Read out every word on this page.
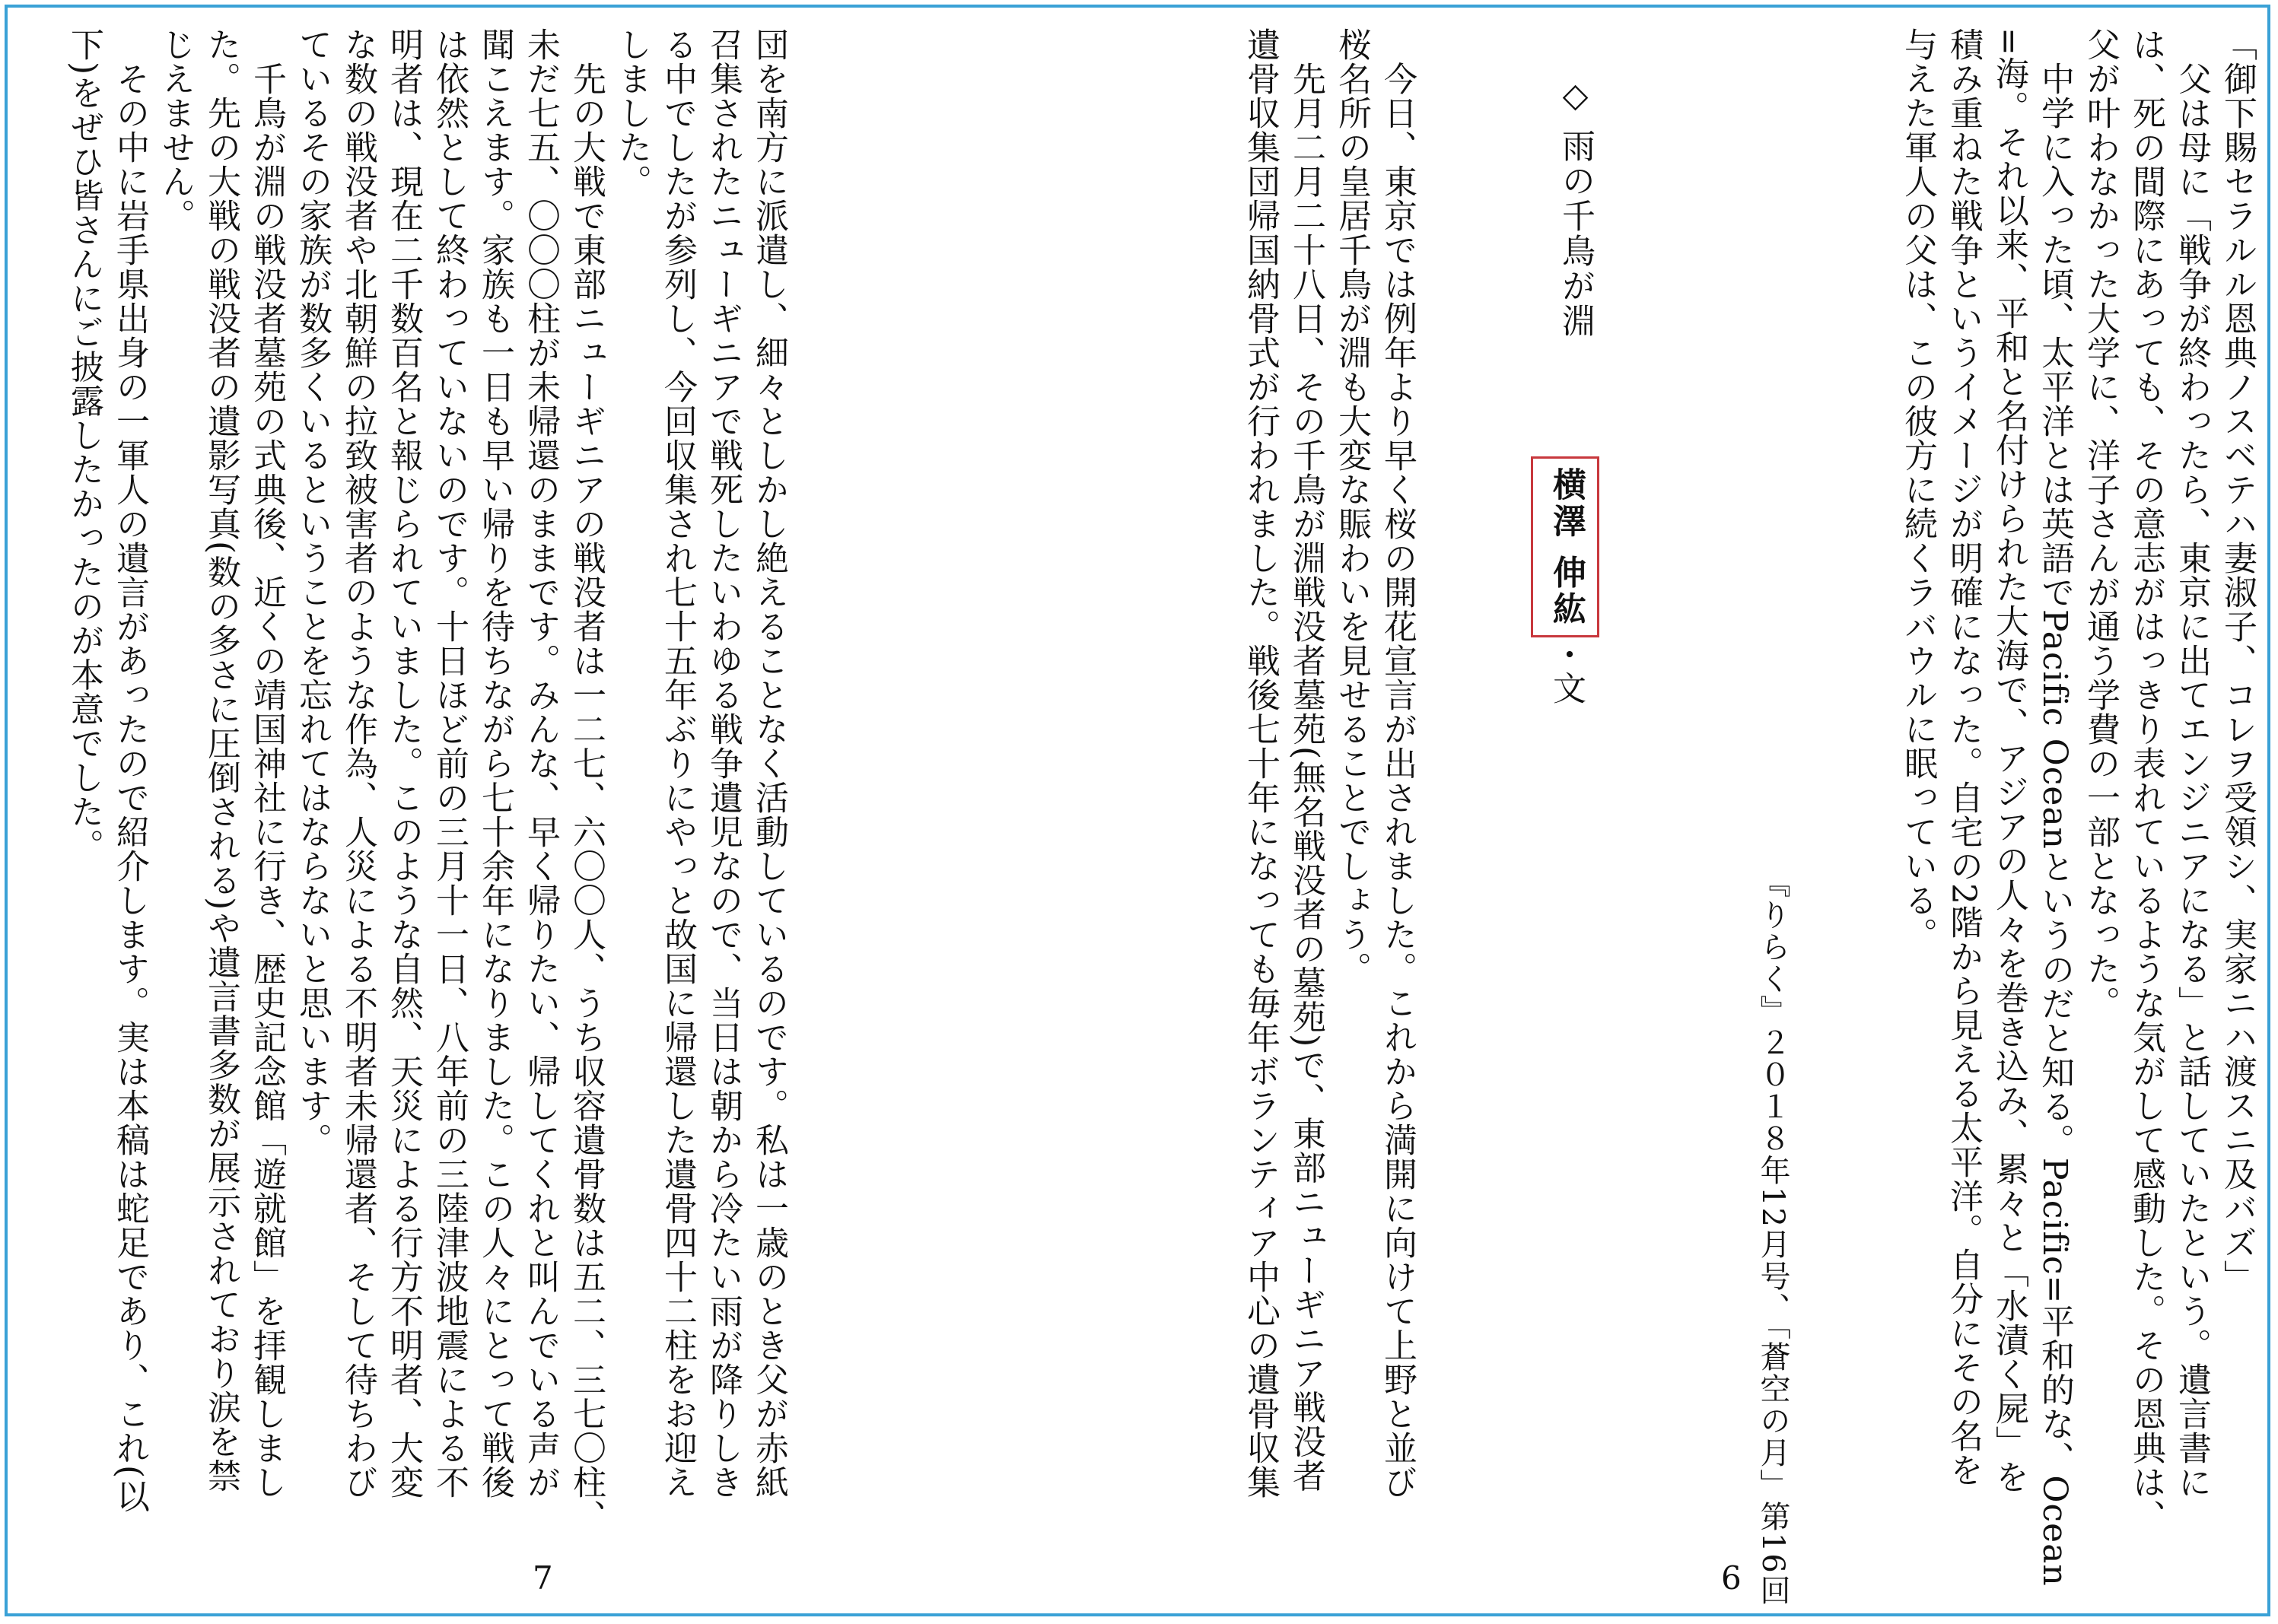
「御下賜セラルル恩典ノスベテハ妻淑子、コレヲ受領シ、実家ニハ渡スニ及バズ」
　父は母に「戦争が終わったら、東京に出てエンジニアになる」と話していたという。遺言書に
は、死の間際にあっても、その意志がはっきり表れているような気がして感動した。その恩典は、
父が叶わなかった大学に、洋子さんが通う学費の一部となった。
　中学に入った頃、太平洋とは英語でPacific Oceanというのだと知る。Pacific=平和的な、Ocean
=海。それ以来、平和と名付けられた大海で、アジアの人々を巻き込み、累々と「水漬く屍」を
積み重ねた戦争というイメージが明確になった。自宅の2階から見える太平洋。自分にその名を
与えた軍人の父は、この彼方に続くラバウルに眠っている。
『りらく』２０１８年12月号、「蒼空の月」第16回
◇ 雨の千鳥が淵
横澤 伸紘
・文
　今日、東京では例年より早く桜の開花宣言が出されました。これから満開に向けて上野と並び
桜名所の皇居千鳥が淵も大変な賑わいを見せることでしょう。
　先月二月二十八日、その千鳥が淵戦没者墓苑(無名戦没者の墓苑)で、東部ニューギニア戦没者
遺骨収集団帰国納骨式が行われました。戦後七十年になっても毎年ボランティア中心の遺骨収集
6
団を南方に派遣し、細々としかし絶えることなく活動しているのです。私は一歳のとき父が赤紙
召集されたニューギニアで戦死したいわゆる戦争遺児なので、当日は朝から冷たい雨が降りしき
る中でしたが参列し、今回収集され七十五年ぶりにやっと故国に帰還した遺骨四十二柱をお迎え
しました。
　先の大戦で東部ニューギニアの戦没者は一二七、六〇〇人、うち収容遺骨数は五二、三七〇柱、
未だ七五、〇〇〇柱が未帰還のままです。みんな、早く帰りたい、帰してくれと叫んでいる声が
聞こえます。家族も一日も早い帰りを待ちながら七十余年になりました。この人々にとって戦後
は依然として終わっていないのです。十日ほど前の三月十一日、八年前の三陸津波地震による不
明者は、現在二千数百名と報じられていました。このような自然、天災による行方不明者、大変
な数の戦没者や北朝鮮の拉致被害者のような作為、人災による不明者未帰還者、そして待ちわび
ているその家族が数多くいるということを忘れてはならないと思います。
　千鳥が淵の戦没者墓苑の式典後、近くの靖国神社に行き、歴史記念館「遊就館」を拝観しまし
た。先の大戦の戦没者の遺影写真(数の多さに圧倒される)や遺言書多数が展示されており涙を禁
じえません。
　その中に岩手県出身の一軍人の遺言があったので紹介します。実は本稿は蛇足であり、これ(以
下)をぜひ皆さんにご披露したかったのが本意でした。
7
